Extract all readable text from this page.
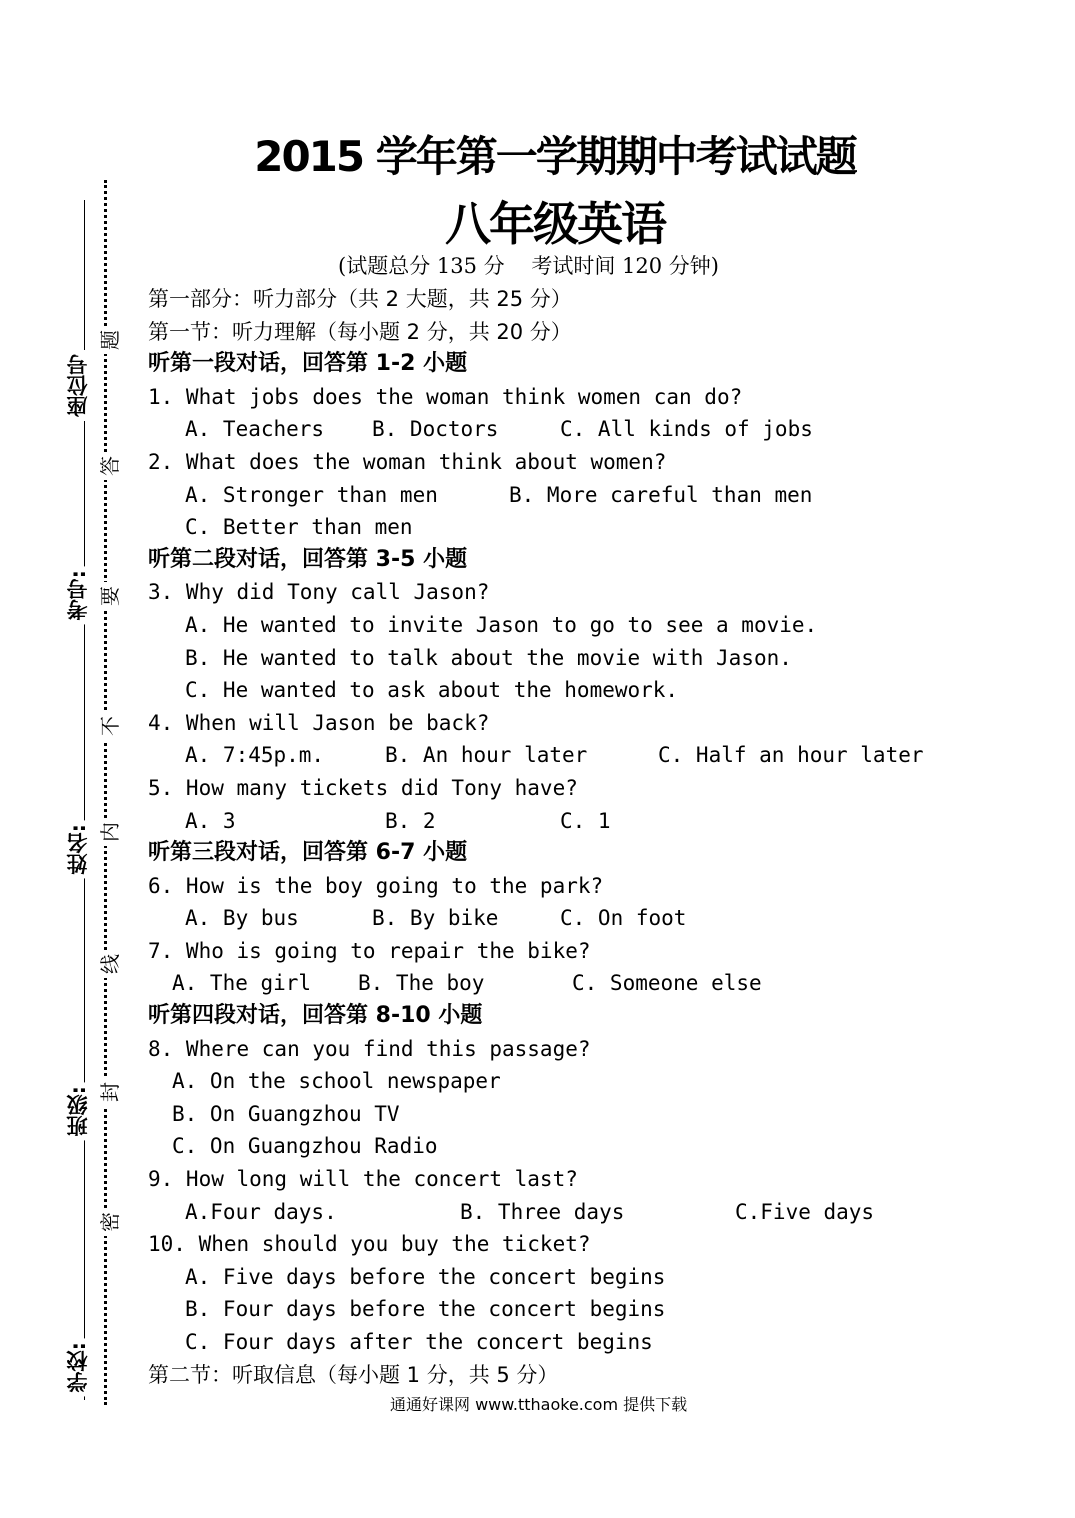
座位号
考号:
姓名:
班级:
学校:
题
答
要
不
内
线
封
密
2015 学年第一学期期中考试试题
八年级英语
(试题总分 135 分    考试时间 120 分钟)
第一部分：听力部分（共 2 大题，共 25 分）
第一节：听力理解（每小题 2 分，共 20 分）
听第一段对话，回答第 1-2 小题
1. What jobs does the woman think women can do?
A. Teachers	B. Doctors	C. All kinds of jobs
2. What does the woman think about women?
A. Stronger than men	B. More careful than men
C. Better than men
听第二段对话，回答第 3-5 小题
3. Why did Tony call Jason?
A. He wanted to invite Jason to go to see a movie.
B. He wanted to talk about the movie with Jason.
C. He wanted to ask about the homework.
4. When will Jason be back?
A. 7:45p.m.	B. An hour later	C. Half an hour later
5. How many tickets did Tony have?
A. 3	B. 2	C. 1
听第三段对话，回答第 6-7 小题
6. How is the boy going to the park?
A. By bus	B. By bike	C. On foot
7. Who is going to repair the bike?
A. The girl	B. The boy	C. Someone else
听第四段对话，回答第 8-10 小题
8. Where can you find this passage?
A. On the school newspaper
B. On Guangzhou TV
C. On Guangzhou Radio
9. How long will the concert last?
A.Four days.	B. Three days	C.Five days
10. When should you buy the ticket?
A. Five days before the concert begins
B. Four days before the concert begins
C. Four days after the concert begins
第二节：听取信息（每小题 1 分，共 5 分）
通通好课网 www.tthaoke.com 提供下载
